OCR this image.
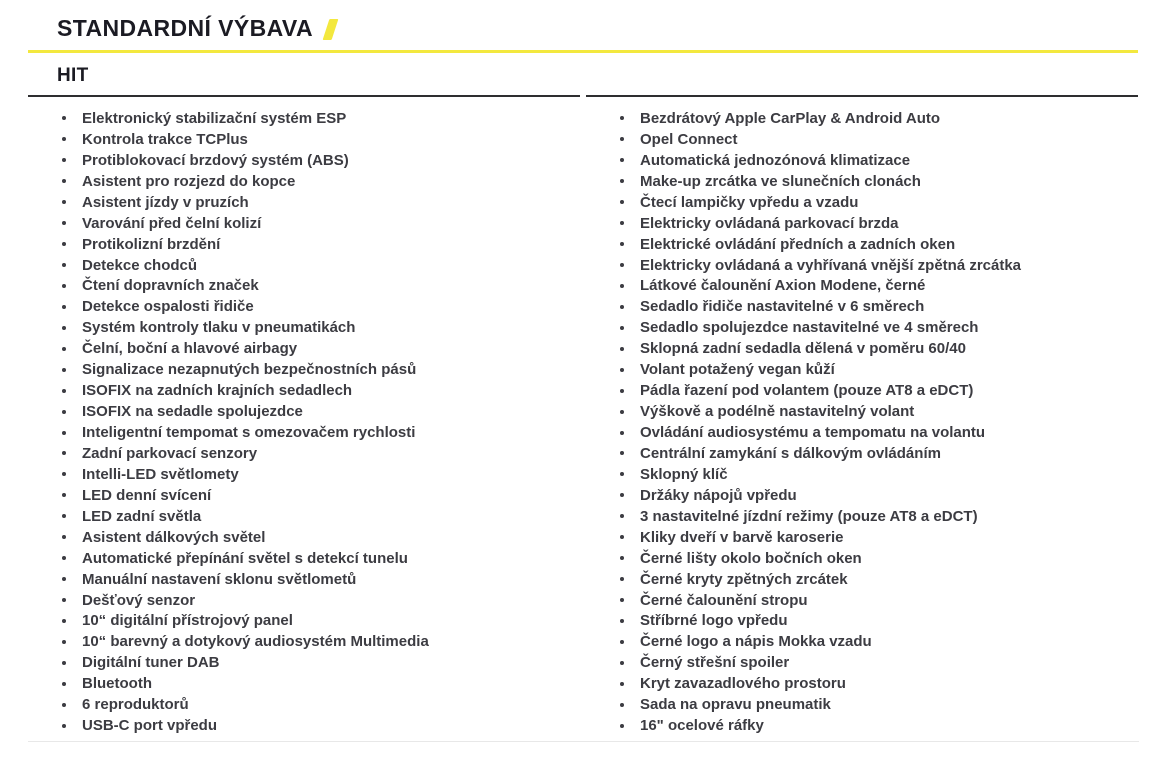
STANDARDNÍ VÝBAVA
HIT
Elektronický stabilizační systém ESP
Kontrola trakce TCPlus
Protiblokovací brzdový systém (ABS)
Asistent pro rozjezd do kopce
Asistent jízdy v pruzích
Varování před čelní kolizí
Protikolizní brzdění
Detekce chodců
Čtení dopravních značek
Detekce ospalosti řidiče
Systém kontroly tlaku v pneumatikách
Čelní, boční a hlavové airbagy
Signalizace nezapnutých bezpečnostních pásů
ISOFIX na zadních krajních sedadlech
ISOFIX na sedadle spolujezdce
Inteligentní tempomat s omezovačem rychlosti
Zadní parkovací senzory
Intelli-LED světlomety
LED denní svícení
LED zadní světla
Asistent dálkových světel
Automatické přepínání světel s detekcí tunelu
Manuální nastavení sklonu světlometů
Dešťový senzor
10“ digitální přístrojový panel
10“ barevný a dotykový audiosystém Multimedia
Digitální tuner DAB
Bluetooth
6 reproduktorů
USB-C port vpředu
Bezdrátový Apple CarPlay & Android Auto
Opel Connect
Automatická jednozónová klimatizace
Make-up zrcátka ve slunečních clonách
Čtecí lampičky vpředu a vzadu
Elektricky ovládaná parkovací brzda
Elektrické ovládání předních a zadních oken
Elektricky ovládaná a vyhřívaná vnější zpětná zrcátka
Látkové čalounění Axion Modene, černé
Sedadlo řidiče nastavitelné v 6 směrech
Sedadlo spolujezdce nastavitelné ve 4 směrech
Sklopná zadní sedadla dělená v poměru 60/40
Volant potažený vegan kůží
Pádla řazení pod volantem (pouze AT8 a eDCT)
Výškově a podélně nastavitelný volant
Ovládání audiosystému a tempomatu na volantu
Centrální zamykání s dálkovým ovládáním
Sklopný klíč
Držáky nápojů vpředu
3 nastavitelné jízdní režimy (pouze AT8 a eDCT)
Kliky dveří v barvě karoserie
Černé lišty okolo bočních oken
Černé kryty zpětných zrcátek
Černé čalounění stropu
Stříbrné logo vpředu
Černé logo a nápis Mokka vzadu
Černý střešní spoiler
Kryt zavazadlového prostoru
Sada na opravu pneumatik
16" ocelové ráfky
